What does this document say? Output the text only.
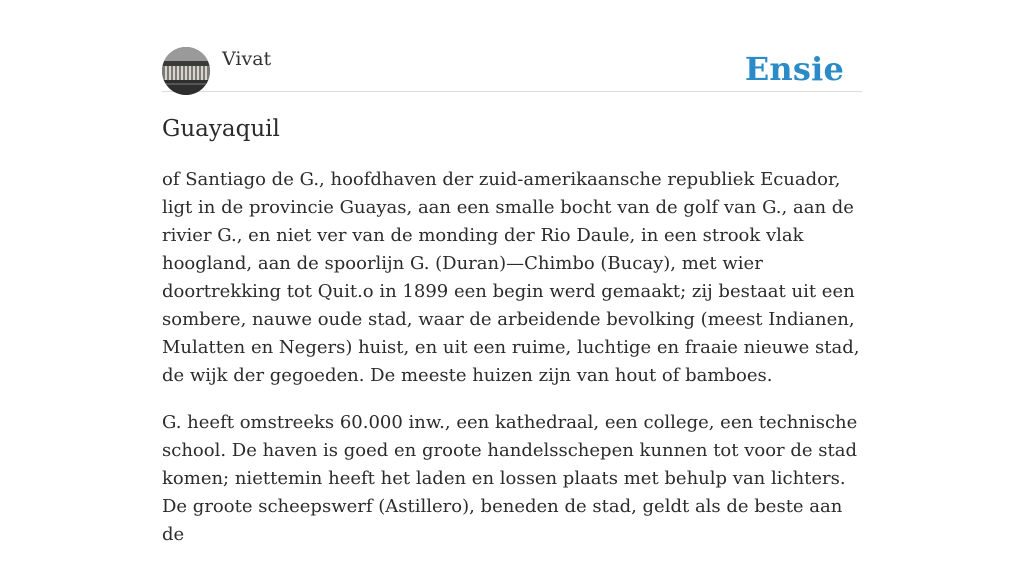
Vivat	Ensie
Guayaquil

of Santiago de G., hoofdhaven der zuid-amerikaansche republiek Ecuador, ligt in de provincie Guayas, aan een smalle bocht van de golf van G., aan de rivier G., en niet ver van de monding der Rio Daule, in een strook vlak hoogland, aan de spoorlijn G. (Duran)—Chimbo (Bucay), met wier doortrekking tot Quit.o in 1899 een begin werd gemaakt; zij bestaat uit een sombere, nauwe oude stad, waar de arbeidende bevolking (meest Indianen, Mulatten en Negers) huist, en uit een ruime, luchtige en fraaie nieuwe stad, de wijk der gegoeden. De meeste huizen zijn van hout of bamboes.

G. heeft omstreeks 60.000 inw., een kathedraal, een college, een technische school. De haven is goed en groote handelsschepen kunnen tot voor de stad komen; niettemin heeft het laden en lossen plaats met behulp van lichters. De groote scheepswerf (Astillero), beneden de stad, geldt als de beste aan de
